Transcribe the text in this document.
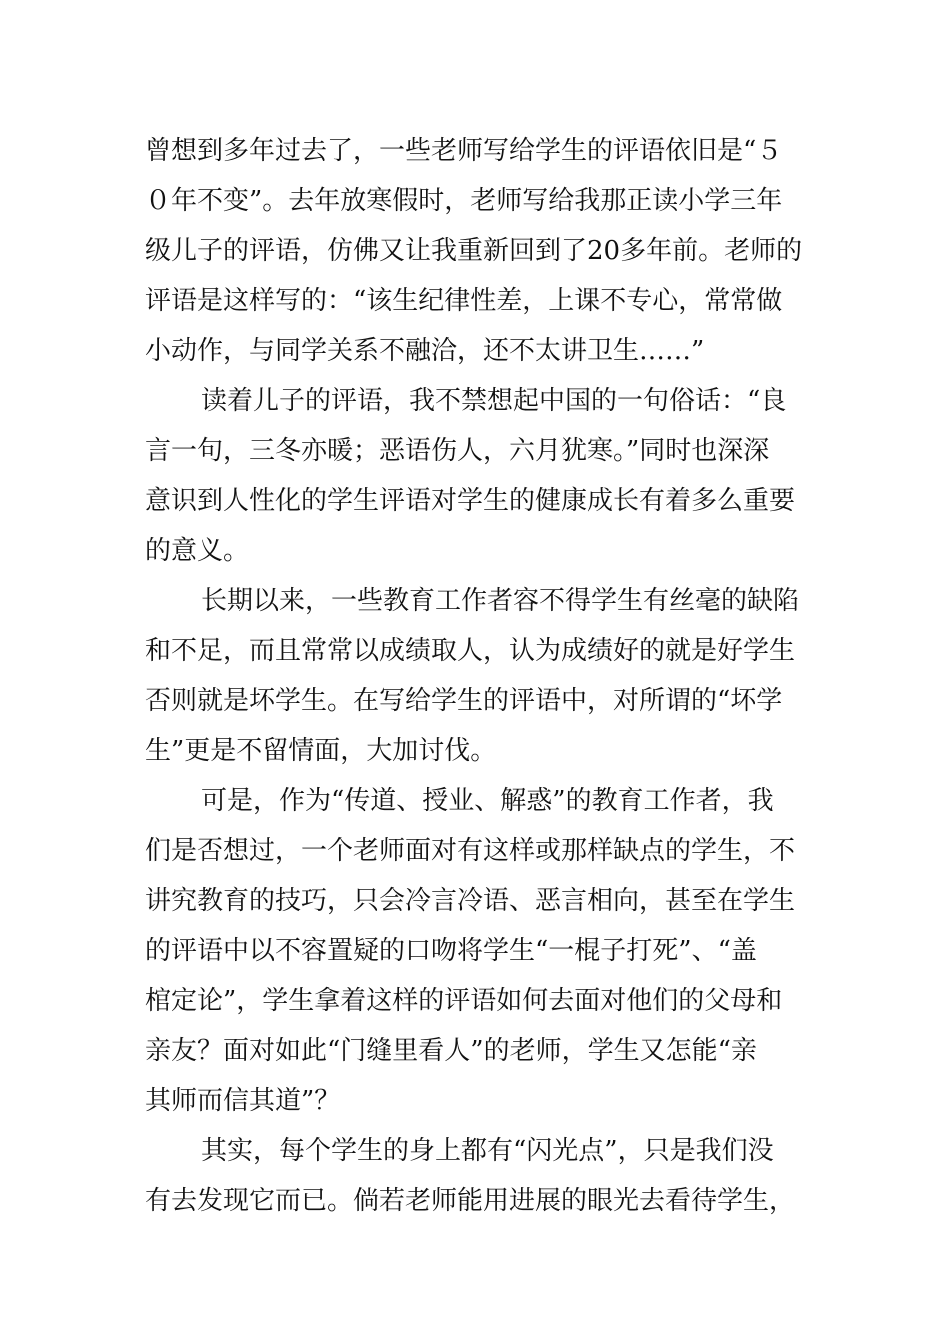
曾想到多年过去了，一些老师写给学生的评语依旧是“５
０年不变”。去年放寒假时，老师写给我那正读小学三年
级儿子的评语，仿佛又让我重新回到了20多年前。老师的
评语是这样写的：“该生纪律性差，上课不专心，常常做
小动作，与同学关系不融洽，还不太讲卫生……”
读着儿子的评语，我不禁想起中国的一句俗话：“良
言一句，三冬亦暖；恶语伤人，六月犹寒。”同时也深深
意识到人性化的学生评语对学生的健康成长有着多么重要
的意义。
长期以来，一些教育工作者容不得学生有丝毫的缺陷
和不足，而且常常以成绩取人，认为成绩好的就是好学生
否则就是坏学生。在写给学生的评语中，对所谓的“坏学
生”更是不留情面，大加讨伐。
可是，作为“传道、授业、解惑”的教育工作者，我
们是否想过，一个老师面对有这样或那样缺点的学生，不
讲究教育的技巧，只会冷言冷语、恶言相向，甚至在学生
的评语中以不容置疑的口吻将学生“一棍子打死”、“盖
棺定论”，学生拿着这样的评语如何去面对他们的父母和
亲友？面对如此“门缝里看人”的老师，学生又怎能“亲
其师而信其道”？
其实，每个学生的身上都有“闪光点”，只是我们没
有去发现它而已。倘若老师能用进展的眼光去看待学生，
